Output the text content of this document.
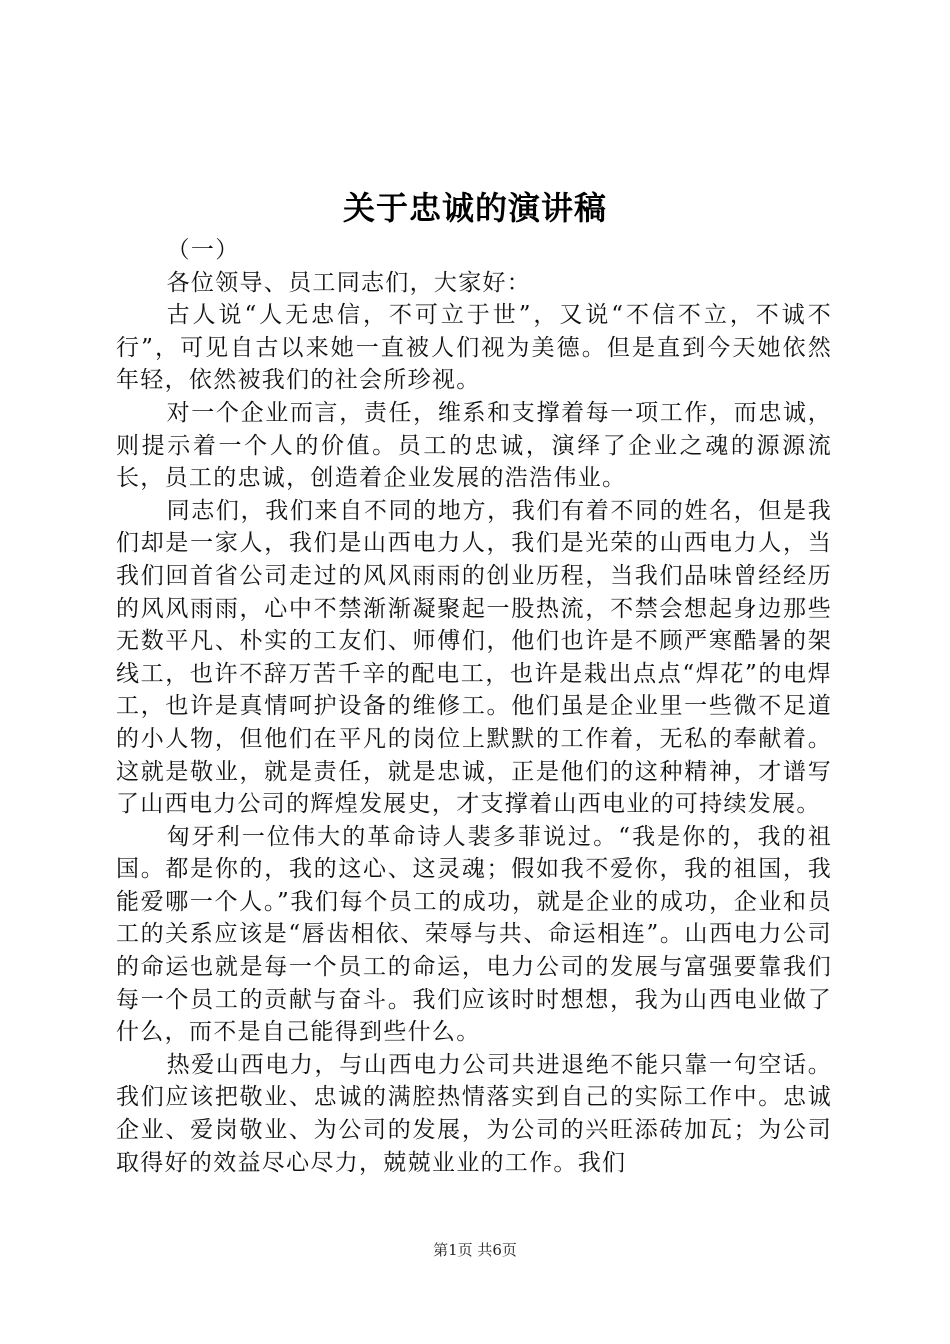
关于忠诚的演讲稿

（一）

各位领导、员工同志们，大家好：

古人说“人无忠信，不可立于世”，又说“不信不立，不诚不行”，可见自古以来她一直被人们视为美德。但是直到今天她依然年轻，依然被我们的社会所珍视。

对一个企业而言，责任，维系和支撑着每一项工作，而忠诚，则提示着一个人的价值。员工的忠诚，演绎了企业之魂的源源流长，员工的忠诚，创造着企业发展的浩浩伟业。

同志们，我们来自不同的地方，我们有着不同的姓名，但是我们却是一家人，我们是山西电力人，我们是光荣的山西电力人，当我们回首省公司走过的风风雨雨的创业历程，当我们品味曾经经历的风风雨雨，心中不禁渐渐凝聚起一股热流，不禁会想起身边那些无数平凡、朴实的工友们、师傅们，他们也许是不顾严寒酷暑的架线工，也许不辞万苦千辛的配电工，也许是栽出点点“焊花”的电焊工，也许是真情呵护设备的维修工。他们虽是企业里一些微不足道的小人物，但他们在平凡的岗位上默默的工作着，无私的奉献着。这就是敬业，就是责任，就是忠诚，正是他们的这种精神，才谱写了山西电力公司的辉煌发展史，才支撑着山西电业的可持续发展。

匈牙利一位伟大的革命诗人裴多菲说过。“我是你的，我的祖国。都是你的，我的这心、这灵魂；假如我不爱你，我的祖国，我能爱哪一个人。”我们每个员工的成功，就是企业的成功，企业和员工的关系应该是“唇齿相依、荣辱与共、命运相连”。山西电力公司的命运也就是每一个员工的命运，电力公司的发展与富强要靠我们每一个员工的贡献与奋斗。我们应该时时想想，我为山西电业做了什么，而不是自己能得到些什么。

热爱山西电力，与山西电力公司共进退绝不能只靠一句空话。我们应该把敬业、忠诚的满腔热情落实到自己的实际工作中。忠诚企业、爱岗敬业、为公司的发展，为公司的兴旺添砖加瓦；为公司取得好的效益尽心尽力，兢兢业业的工作。我们

第1页 共6页
